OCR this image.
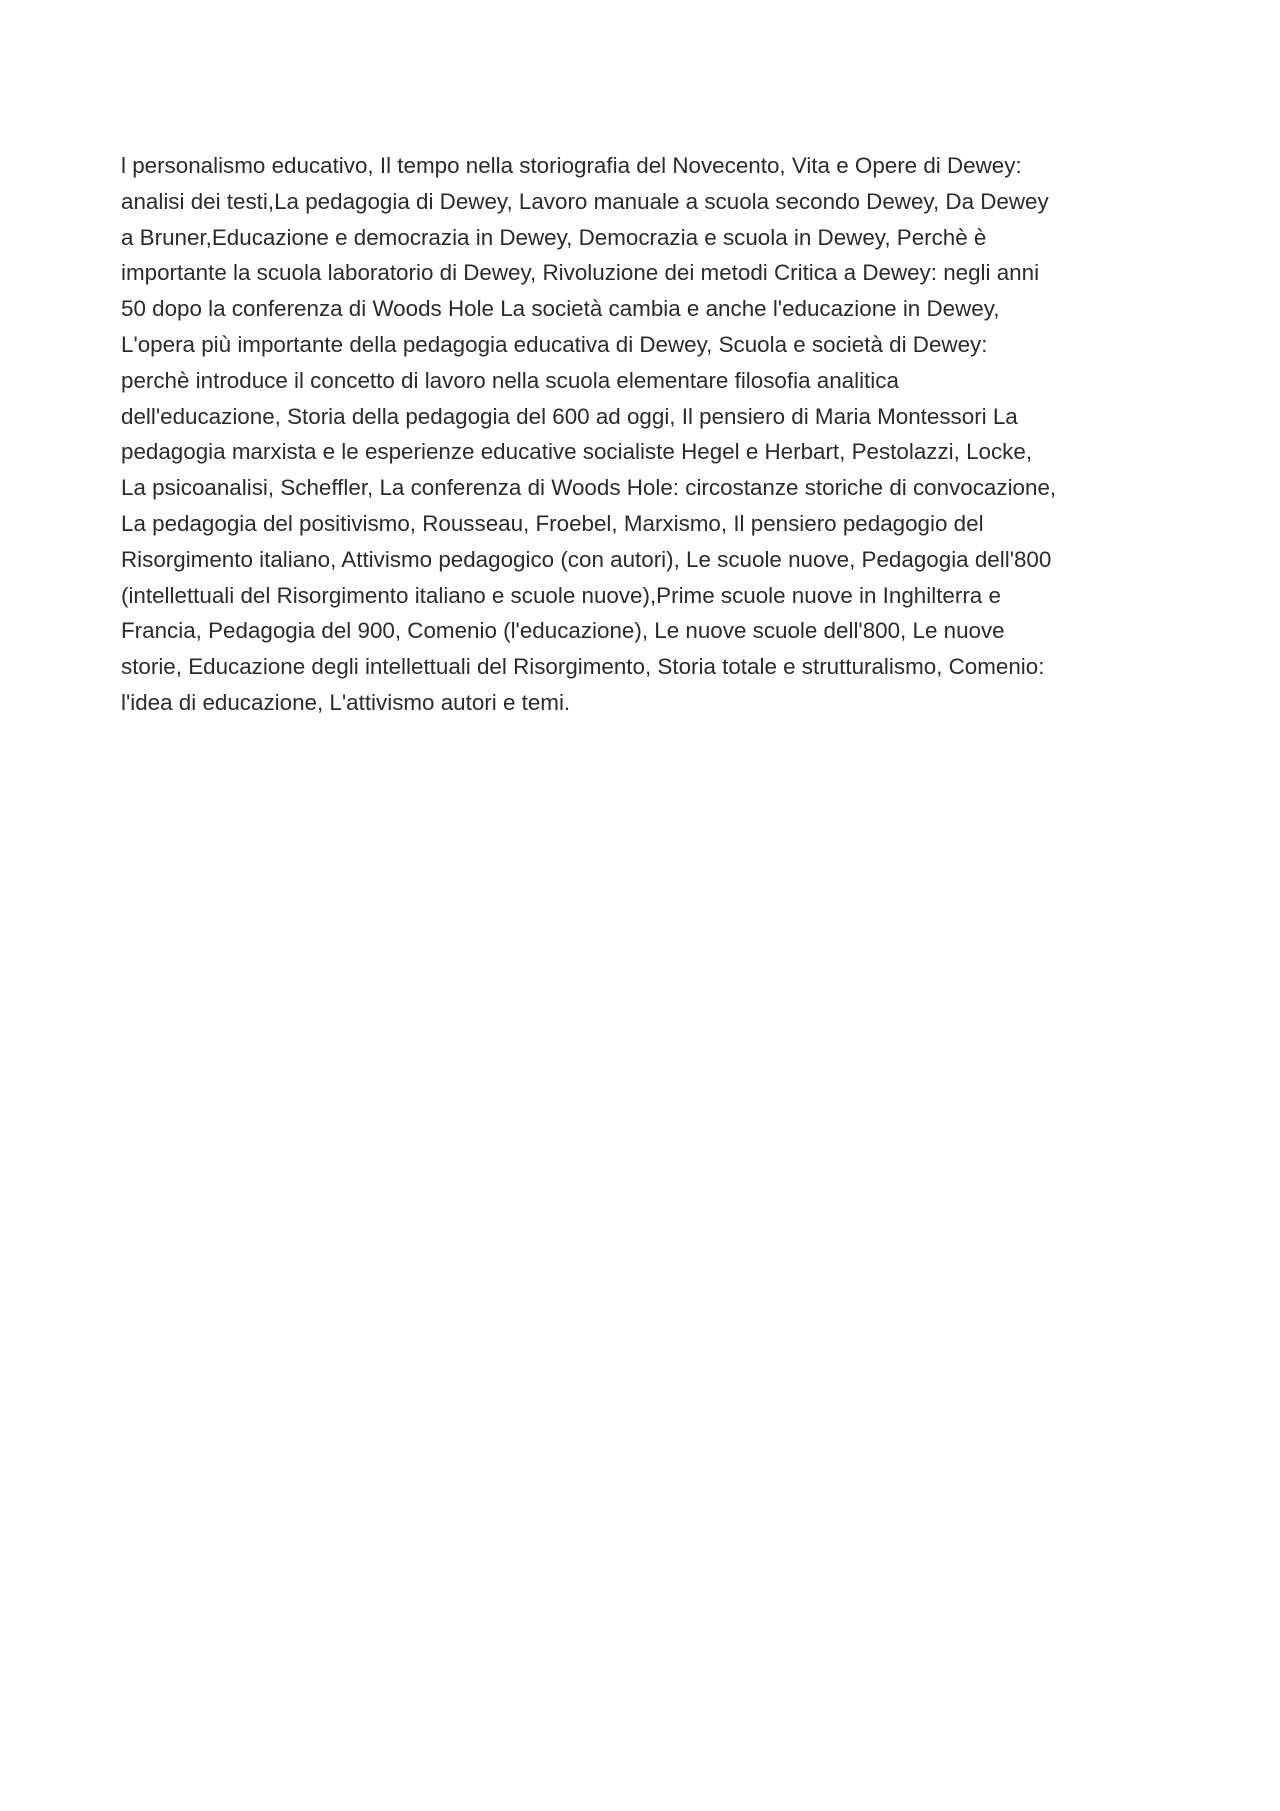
l personalismo educativo, Il tempo nella storiografia del Novecento, Vita e Opere di Dewey:
analisi dei testi,La pedagogia di Dewey, Lavoro manuale a scuola secondo Dewey, Da Dewey
a Bruner,Educazione e democrazia in Dewey, Democrazia e scuola in Dewey, Perchè è
importante la scuola laboratorio di Dewey, Rivoluzione dei metodi Critica a Dewey: negli anni
50 dopo la conferenza di Woods Hole La società cambia e anche l'educazione in Dewey,
L'opera più importante della pedagogia educativa di Dewey, Scuola e società di Dewey:
perchè introduce il concetto di lavoro nella scuola elementare filosofia analitica
dell'educazione, Storia della pedagogia del 600 ad oggi, Il pensiero di Maria Montessori La
pedagogia marxista e le esperienze educative socialiste Hegel e Herbart, Pestolazzi, Locke,
La psicoanalisi, Scheffler, La conferenza di Woods Hole: circostanze storiche di convocazione,
La pedagogia del positivismo, Rousseau, Froebel, Marxismo, Il pensiero pedagogio del
Risorgimento italiano, Attivismo pedagogico (con autori), Le scuole nuove, Pedagogia dell'800
(intellettuali del Risorgimento italiano e scuole nuove),Prime scuole nuove in Inghilterra e
Francia, Pedagogia del 900, Comenio (l'educazione), Le nuove scuole dell'800, Le nuove
storie, Educazione degli intellettuali del Risorgimento, Storia totale e strutturalismo, Comenio:
l'idea di educazione, L'attivismo autori e temi.
